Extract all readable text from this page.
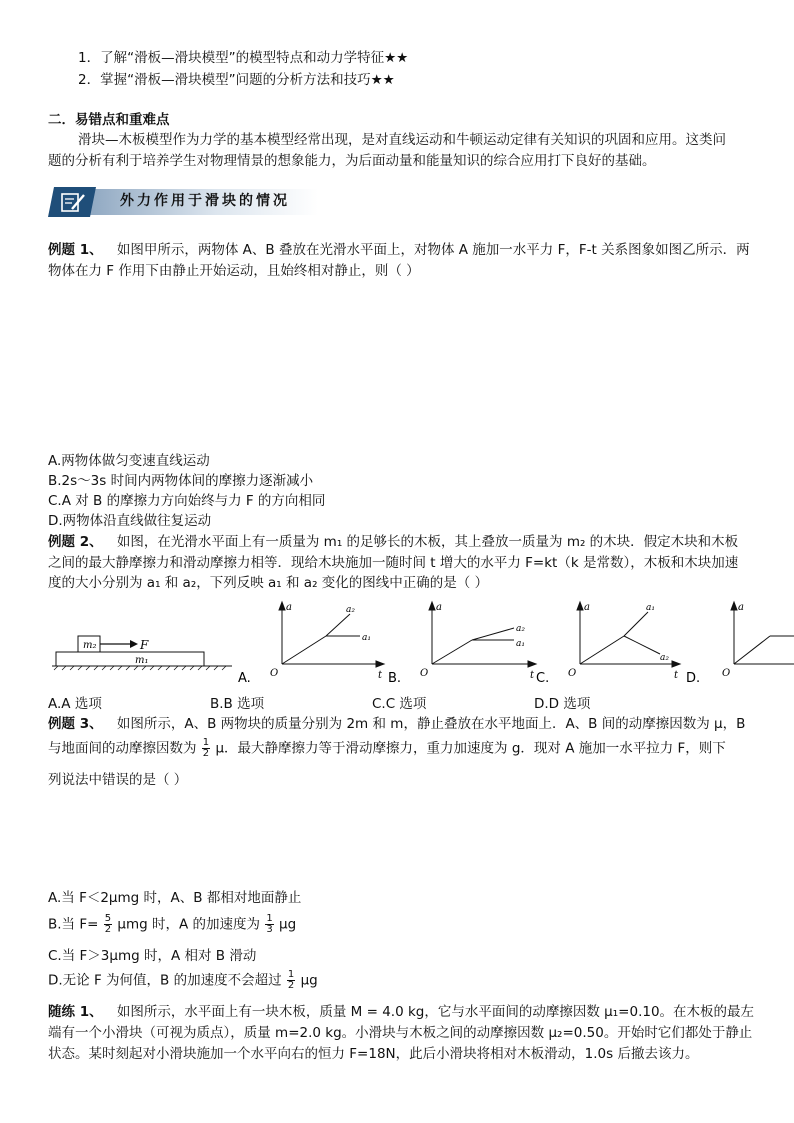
1．了解“滑板—滑块模型”的模型特点和动力学特征★★
2．掌握“滑板—滑块模型”问题的分析方法和技巧★★
二．易错点和重难点
滑块—木板模型作为力学的基本模型经常出现，是对直线运动和牛顿运动定律有关知识的巩固和应用。这类问
题的分析有利于培养学生对物理情景的想象能力，为后面动量和能量知识的综合应用打下良好的基础。
外力作用于滑块的情况
例题 1、 如图甲所示，两物体 A、B 叠放在光滑水平面上，对物体 A 施加一水平力 F，F-t 关系图象如图乙所示．两
物体在力 F 作用下由静止开始运动，且始终相对静止，则（ ）
A.两物体做匀变速直线运动
B.2s～3s 时间内两物体间的摩擦力逐渐减小
C.A 对 B 的摩擦力方向始终与力 F 的方向相同
D.两物体沿直线做往复运动
例题 2、 如图，在光滑水平面上有一质量为 m₁ 的足够长的木板，其上叠放一质量为 m₂ 的木块．假定木块和木板
之间的最大静摩擦力和滑动摩擦力相等．现给木块施加一随时间 t 增大的水平力 F=kt（k 是常数），木板和木块加速
度的大小分别为 a₁ 和 a₂，下列反映 a₁ 和 a₂ 变化的图线中正确的是（ ）
m₂
m₁
F
a
t
O
a₂
a₁
A.
a
t
O
a₂
a₁
B.
a
t
O
a₁
a₂
C.
a
O
D.
A.A 选项	B.B 选项	C.C 选项	D.D 选项
例题 3、 如图所示，A、B 两物块的质量分别为 2m 和 m，静止叠放在水平地面上．A、B 间的动摩擦因数为 μ，B
与地面间的动摩擦因数为 $\frac{1}{2}$ μ．最大静摩擦力等于滑动摩擦力，重力加速度为 g．现对 A 施加一水平拉力 F，则下
列说法中错误的是（ ）
A.当 F＜2μmg 时，A、B 都相对地面静止
B.当 $F= \frac{5}{2}$ μmg 时，A 的加速度为 $\frac{1}{3}$ μg
C.当 F＞3μmg 时，A 相对 B 滑动
D.无论 F 为何值，B 的加速度不会超过 $\frac{1}{2}$ μg
随练 1、 如图所示，水平面上有一块木板，质量 M = 4.0 kg，它与水平面间的动摩擦因数 μ₁=0.10。在木板的最左
端有一个小滑块（可视为质点），质量 m=2.0 kg。小滑块与木板之间的动摩擦因数 μ₂=0.50。开始时它们都处于静止
状态。某时刻起对小滑块施加一个水平向右的恒力 F=18N，此后小滑块将相对木板滑动，1.0s 后撤去该力。
